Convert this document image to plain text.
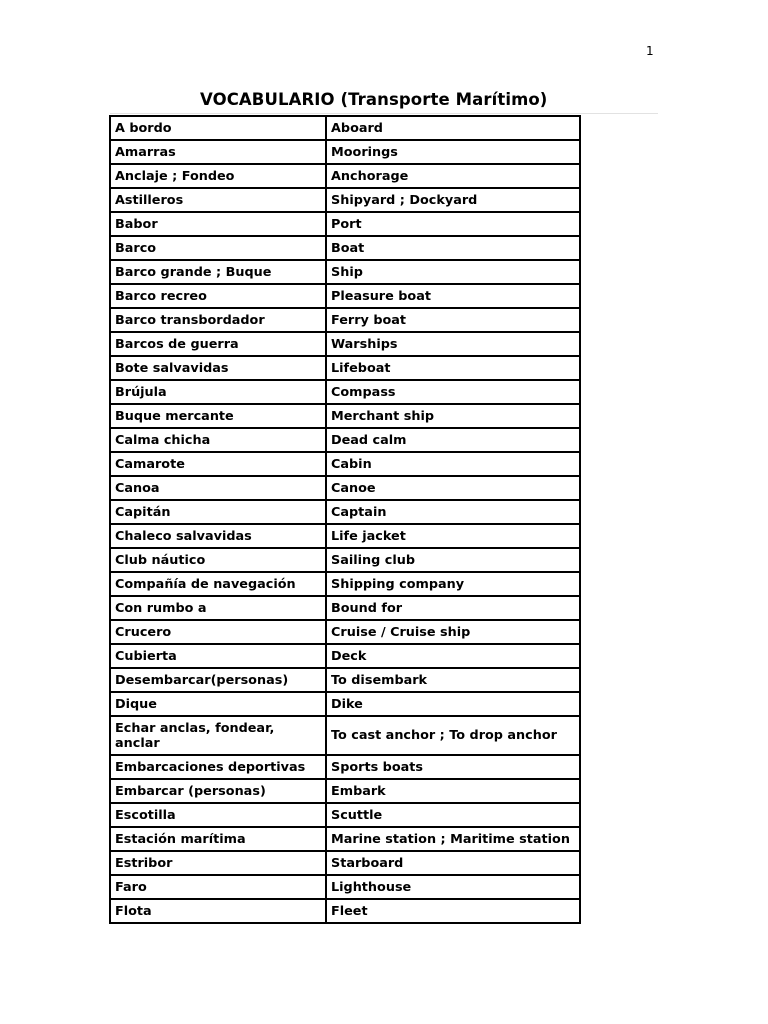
1
VOCABULARIO (Transporte Marítimo)
A bordo	Aboard
Amarras	Moorings
Anclaje ; Fondeo	Anchorage
Astilleros	Shipyard ; Dockyard
Babor	Port
Barco	Boat
Barco grande ; Buque	Ship
Barco recreo	Pleasure boat
Barco transbordador	Ferry boat
Barcos de guerra	Warships
Bote salvavidas	Lifeboat
Brújula	Compass
Buque mercante	Merchant ship
Calma chicha	Dead calm
Camarote	Cabin
Canoa	Canoe
Capitán	Captain
Chaleco salvavidas	Life jacket
Club náutico	Sailing club
Compañía de navegación	Shipping company
Con rumbo a	Bound for
Crucero	Cruise / Cruise ship
Cubierta	Deck
Desembarcar(personas)	To disembark
Dique	Dike
Echar anclas, fondear, anclar	To cast anchor ; To drop anchor
Embarcaciones deportivas	Sports boats
Embarcar (personas)	Embark
Escotilla	Scuttle
Estación marítima	Marine station ; Maritime station
Estribor	Starboard
Faro	Lighthouse
Flota	Fleet
